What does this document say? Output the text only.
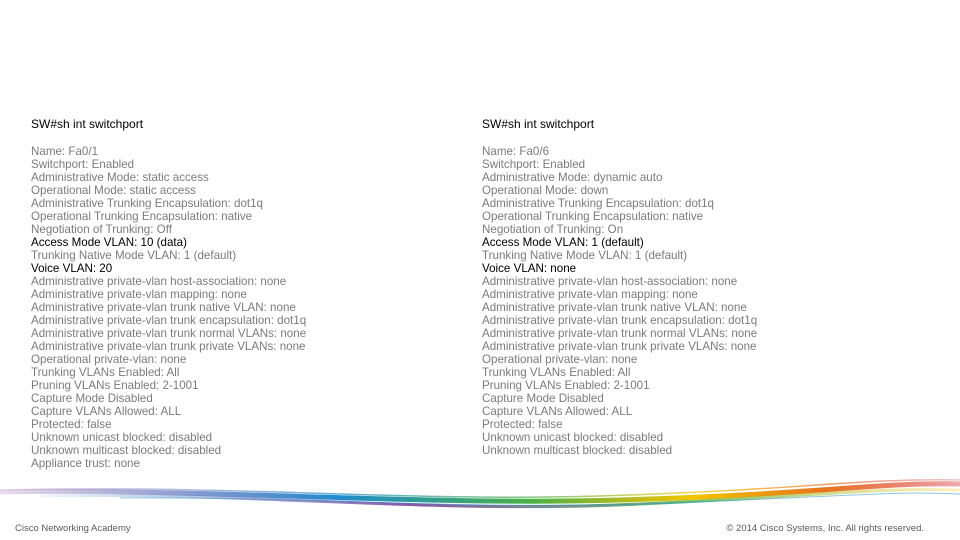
SW#sh int switchport
Name: Fa0/1
Switchport: Enabled
Administrative Mode: static access
Operational Mode: static access
Administrative Trunking Encapsulation: dot1q
Operational Trunking Encapsulation: native
Negotiation of Trunking: Off
Access Mode VLAN: 10 (data)
Trunking Native Mode VLAN: 1 (default)
Voice VLAN: 20
Administrative private-vlan host-association: none
Administrative private-vlan mapping: none
Administrative private-vlan trunk native VLAN: none
Administrative private-vlan trunk encapsulation: dot1q
Administrative private-vlan trunk normal VLANs: none
Administrative private-vlan trunk private VLANs: none
Operational private-vlan: none
Trunking VLANs Enabled: All
Pruning VLANs Enabled: 2-1001
Capture Mode Disabled
Capture VLANs Allowed: ALL
Protected: false
Unknown unicast blocked: disabled
Unknown multicast blocked: disabled
Appliance trust: none
SW#sh int switchport
Name: Fa0/6
Switchport: Enabled
Administrative Mode: dynamic auto
Operational Mode: down
Administrative Trunking Encapsulation: dot1q
Operational Trunking Encapsulation: native
Negotiation of Trunking: On
Access Mode VLAN: 1 (default)
Trunking Native Mode VLAN: 1 (default)
Voice VLAN: none
Administrative private-vlan host-association: none
Administrative private-vlan mapping: none
Administrative private-vlan trunk native VLAN: none
Administrative private-vlan trunk encapsulation: dot1q
Administrative private-vlan trunk normal VLANs: none
Administrative private-vlan trunk private VLANs: none
Operational private-vlan: none
Trunking VLANs Enabled: All
Pruning VLANs Enabled: 2-1001
Capture Mode Disabled
Capture VLANs Allowed: ALL
Protected: false
Unknown unicast blocked: disabled
Unknown multicast blocked: disabled
Cisco Networking Academy	© 2014 Cisco Systems, Inc. All rights reserved.
